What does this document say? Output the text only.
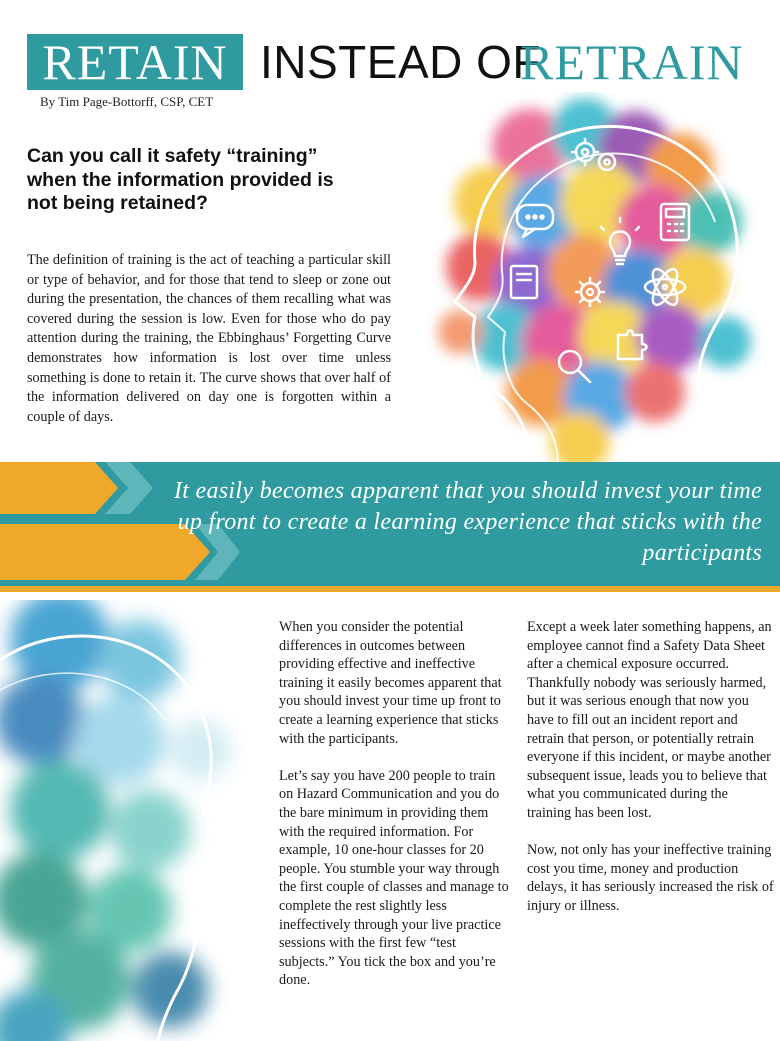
RETAIN INSTEAD OF
RETRAIN
By Tim Page-Bottorff, CSP, CET
Can you call it safety “training” when the information provided is not being retained?
The definition of training is the act of teaching a particular skill or type of behavior, and for those that tend to sleep or zone out during the presentation, the chances of them recalling what was covered during the session is low. Even for those who do pay attention during the training, the Ebbinghaus’ Forgetting Curve demonstrates how information is lost over time unless something is done to retain it. The curve shows that over half of the information delivered on day one is forgotten within a couple of days.
It easily becomes apparent that you should invest your time up front to create a learning experience that sticks with the participants

When you consider the potential differences in outcomes between providing effective and ineffective training it easily becomes apparent that you should invest your time up front to create a learning experience that sticks with the participants.

Let’s say you have 200 people to train on Hazard Communication and you do the bare minimum in providing them with the required information. For example, 10 one-hour classes for 20 people. You stumble your way through the first couple of classes and manage to complete the rest slightly less ineffectively through your live practice sessions with the first few “test subjects.” You tick the box and you’re done.

Except a week later something happens, an employee cannot find a Safety Data Sheet after a chemical exposure occurred. Thankfully nobody was seriously harmed, but it was serious enough that now you have to fill out an incident report and retrain that person, or potentially retrain everyone if this incident, or maybe another subsequent issue, leads you to believe that what you communicated during the training has been lost.

Now, not only has your ineffective training cost you time, money and production delays, it has seriously increased the risk of injury or illness.
